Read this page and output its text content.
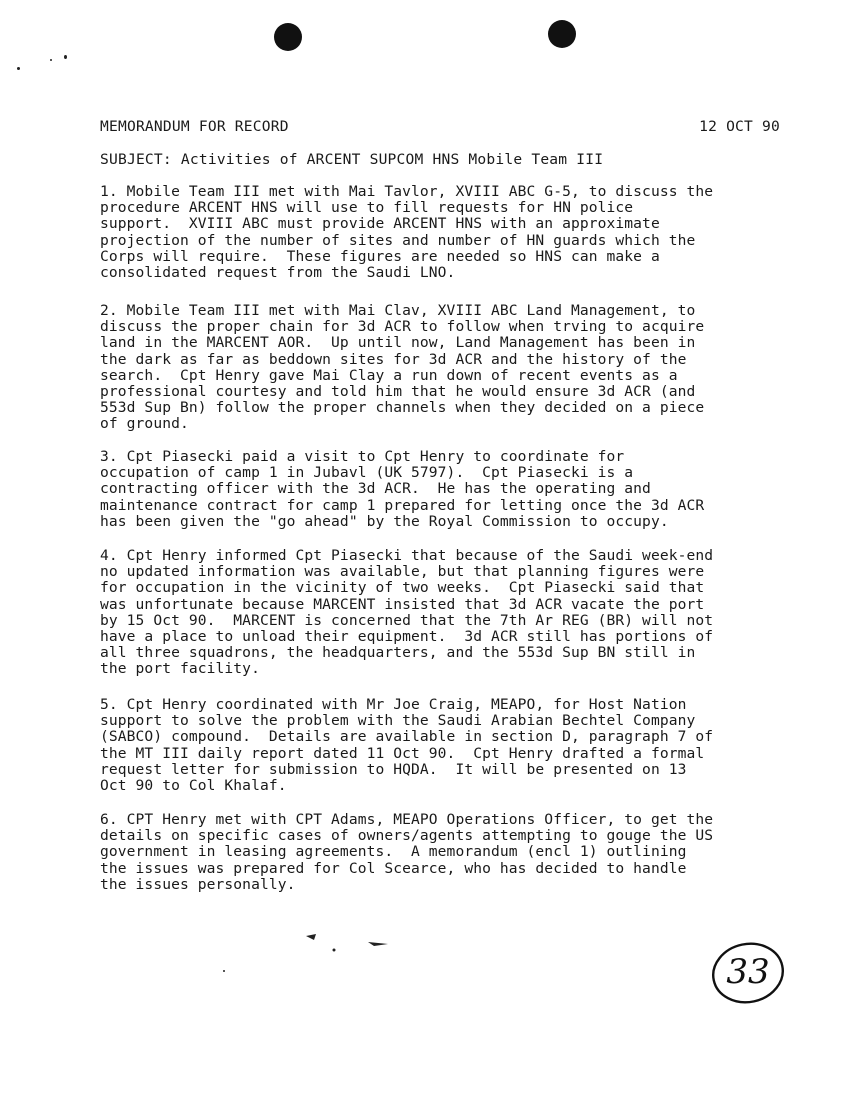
MEMORANDUM FOR RECORD	12 OCT 90
SUBJECT: Activities of ARCENT SUPCOM HNS Mobile Team III
1. Mobile Team III met with Mai Tavlor, XVIII ABC G-5, to discuss the
procedure ARCENT HNS will use to fill requests for HN police
support.  XVIII ABC must provide ARCENT HNS with an approximate
projection of the number of sites and number of HN guards which the
Corps will require.  These figures are needed so HNS can make a
consolidated request from the Saudi LNO.
2. Mobile Team III met with Mai Clav, XVIII ABC Land Management, to
discuss the proper chain for 3d ACR to follow when trving to acquire
land in the MARCENT AOR.  Up until now, Land Management has been in
the dark as far as beddown sites for 3d ACR and the history of the
search.  Cpt Henry gave Mai Clay a run down of recent events as a
professional courtesy and told him that he would ensure 3d ACR (and
553d Sup Bn) follow the proper channels when they decided on a piece
of ground.
3. Cpt Piasecki paid a visit to Cpt Henry to coordinate for
occupation of camp 1 in Jubavl (UK 5797).  Cpt Piasecki is a
contracting officer with the 3d ACR.  He has the operating and
maintenance contract for camp 1 prepared for letting once the 3d ACR
has been given the "go ahead" by the Royal Commission to occupy.
4. Cpt Henry informed Cpt Piasecki that because of the Saudi week-end
no updated information was available, but that planning figures were
for occupation in the vicinity of two weeks.  Cpt Piasecki said that
was unfortunate because MARCENT insisted that 3d ACR vacate the port
by 15 Oct 90.  MARCENT is concerned that the 7th Ar REG (BR) will not
have a place to unload their equipment.  3d ACR still has portions of
all three squadrons, the headquarters, and the 553d Sup BN still in
the port facility.
5. Cpt Henry coordinated with Mr Joe Craig, MEAPO, for Host Nation
support to solve the problem with the Saudi Arabian Bechtel Company
(SABCO) compound.  Details are available in section D, paragraph 7 of
the MT III daily report dated 11 Oct 90.  Cpt Henry drafted a formal
request letter for submission to HQDA.  It will be presented on 13
Oct 90 to Col Khalaf.
6. CPT Henry met with CPT Adams, MEAPO Operations Officer, to get the
details on specific cases of owners/agents attempting to gouge the US
government in leasing agreements.  A memorandum (encl 1) outlining
the issues was prepared for Col Scearce, who has decided to handle
the issues personally.
33
